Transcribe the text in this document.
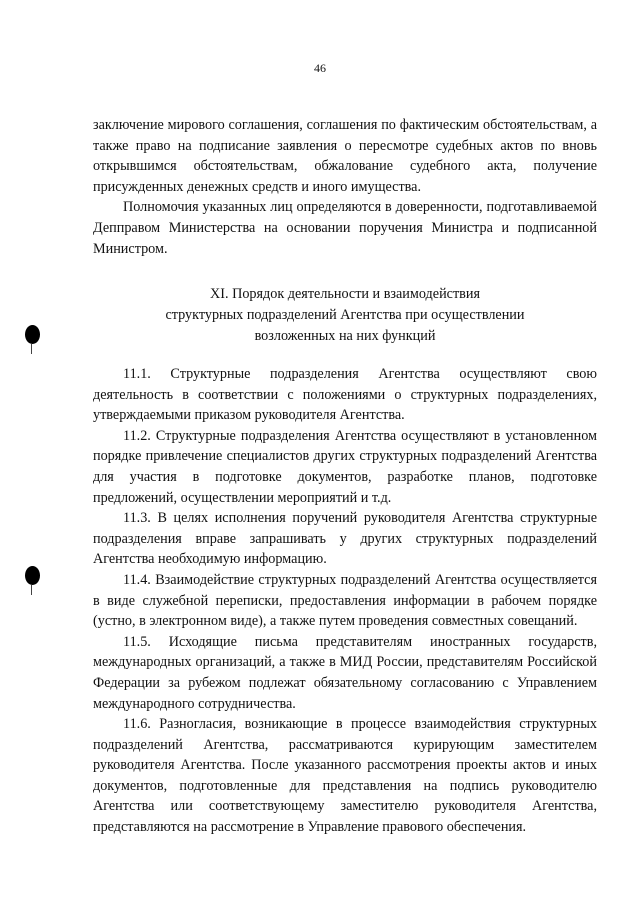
46

заключение мирового соглашения, соглашения по фактическим обстоятельствам, а также право на подписание заявления о пересмотре судебных актов по вновь открывшимся обстоятельствам, обжалование судебного акта, получение присужденных денежных средств и иного имущества.

Полномочия указанных лиц определяются в доверенности, подготавливаемой Депправом Министерства на основании поручения Министра и подписанной Министром.

XI. Порядок деятельности и взаимодействия
структурных подразделений Агентства при осуществлении
возложенных на них функций

11.1. Структурные подразделения Агентства осуществляют свою деятельность в соответствии с положениями о структурных подразделениях, утверждаемыми приказом руководителя Агентства.

11.2. Структурные подразделения Агентства осуществляют в установленном порядке привлечение специалистов других структурных подразделений Агентства для участия в подготовке документов, разработке планов, подготовке предложений, осуществлении мероприятий и т.д.

11.3. В целях исполнения поручений руководителя Агентства структурные подразделения вправе запрашивать у других структурных подразделений Агентства необходимую информацию.

11.4. Взаимодействие структурных подразделений Агентства осуществляется в виде служебной переписки, предоставления информации в рабочем порядке (устно, в электронном виде), а также путем проведения совместных совещаний.

11.5. Исходящие письма представителям иностранных государств, международных организаций, а также в МИД России, представителям Российской Федерации за рубежом подлежат обязательному согласованию с Управлением международного сотрудничества.

11.6. Разногласия, возникающие в процессе взаимодействия структурных подразделений Агентства, рассматриваются курирующим заместителем руководителя Агентства. После указанного рассмотрения проекты актов и иных документов, подготовленные для представления на подпись руководителю Агентства или соответствующему заместителю руководителя Агентства, представляются на рассмотрение в Управление правового обеспечения.
